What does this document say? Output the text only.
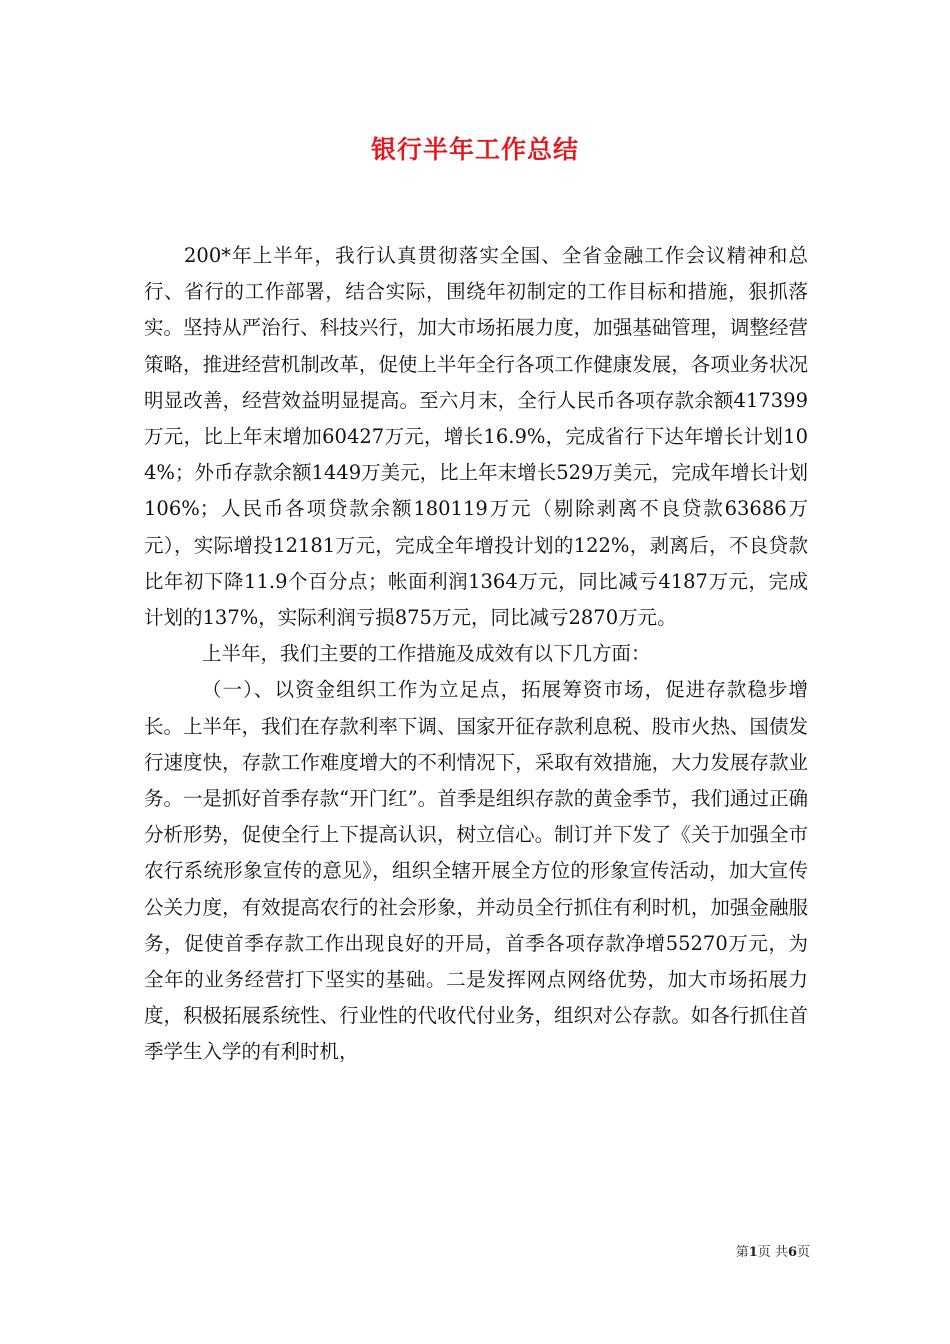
银行半年工作总结

200*年上半年，我行认真贯彻落实全国、全省金融工作会议精神和总行、省行的工作部署，结合实际，围绕年初制定的工作目标和措施，狠抓落实。坚持从严治行、科技兴行，加大市场拓展力度，加强基础管理，调整经营策略，推进经营机制改革，促使上半年全行各项工作健康发展，各项业务状况明显改善，经营效益明显提高。至六月末，全行人民币各项存款余额417399万元，比上年末增加60427万元，增长16.9%，完成省行下达年增长计划104%；外币存款余额1449万美元，比上年末增长529万美元，完成年增长计划106%；人民币各项贷款余额180119万元（剔除剥离不良贷款63686万元），实际增投12181万元，完成全年增投计划的122%，剥离后，不良贷款比年初下降11.9个百分点；帐面利润1364万元，同比减亏4187万元，完成计划的137%，实际利润亏损875万元，同比减亏2870万元。

上半年，我们主要的工作措施及成效有以下几方面：

（一）、以资金组织工作为立足点，拓展筹资市场，促进存款稳步增长。上半年，我们在存款利率下调、国家开征存款利息税、股市火热、国债发行速度快，存款工作难度增大的不利情况下，采取有效措施，大力发展存款业务。一是抓好首季存款“开门红”。首季是组织存款的黄金季节，我们通过正确分析形势，促使全行上下提高认识，树立信心。制订并下发了《关于加强全市农行系统形象宣传的意见》，组织全辖开展全方位的形象宣传活动，加大宣传公关力度，有效提高农行的社会形象，并动员全行抓住有利时机，加强金融服务，促使首季存款工作出现良好的开局，首季各项存款净增55270万元，为全年的业务经营打下坚实的基础。二是发挥网点网络优势，加大市场拓展力度，积极拓展系统性、行业性的代收代付业务，组织对公存款。如各行抓住首季学生入学的有利时机，

第1页 共6页
